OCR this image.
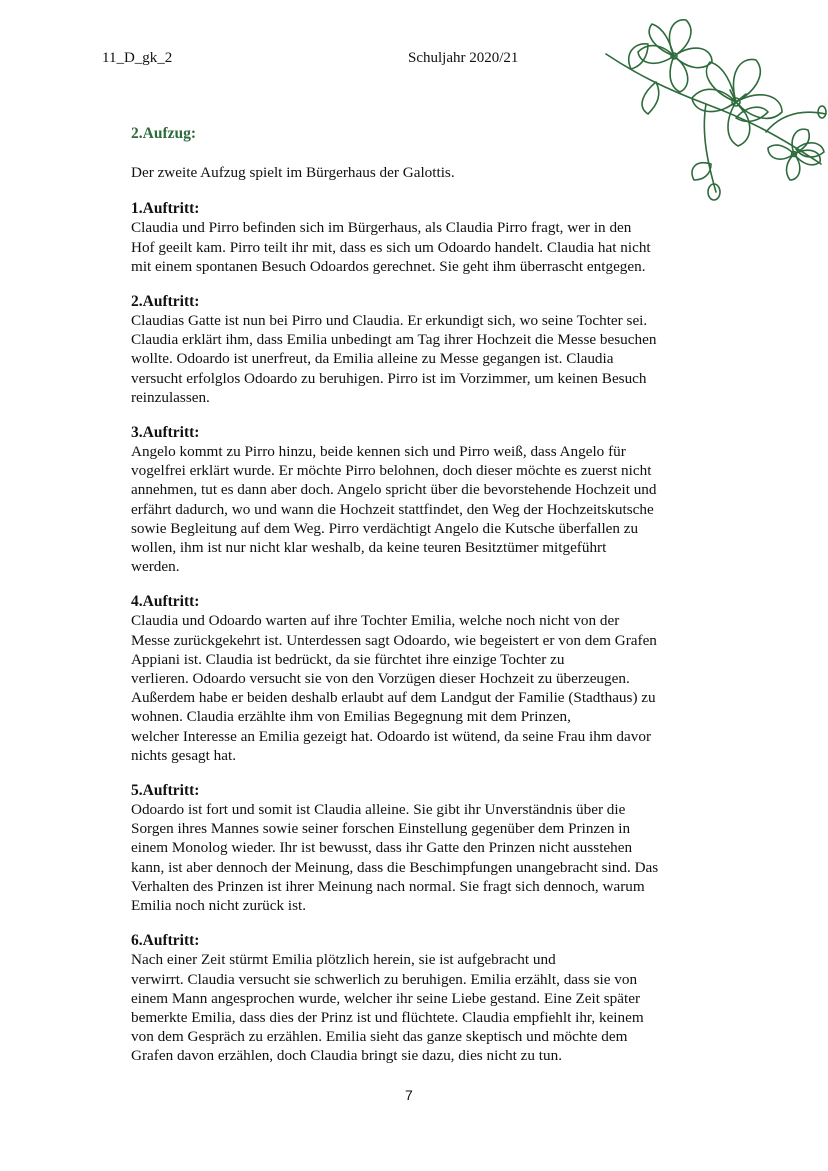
11_D_gk_2	Schuljahr 2020/21
2.Aufzug:

Der zweite Aufzug spielt im Bürgerhaus der Galottis.

1.Auftritt:

Claudia und Pirro befinden sich im Bürgerhaus, als Claudia Pirro fragt, wer in den
Hof geeilt kam. Pirro teilt ihr mit, dass es sich um Odoardo handelt. Claudia hat nicht
mit einem spontanen Besuch Odoardos gerechnet. Sie geht ihm überrascht entgegen.

2.Auftritt:

Claudias Gatte ist nun bei Pirro und Claudia. Er erkundigt sich, wo seine Tochter sei.
Claudia erklärt ihm, dass Emilia unbedingt am Tag ihrer Hochzeit die Messe besuchen
wollte. Odoardo ist unerfreut, da Emilia alleine zu Messe gegangen ist. Claudia
versucht erfolglos Odoardo zu beruhigen. Pirro ist im Vorzimmer, um keinen Besuch
reinzulassen.

3.Auftritt:

Angelo kommt zu Pirro hinzu, beide kennen sich und Pirro weiß, dass Angelo für
vogelfrei erklärt wurde. Er möchte Pirro belohnen, doch dieser möchte es zuerst nicht
annehmen, tut es dann aber doch. Angelo spricht über die bevorstehende Hochzeit und
erfährt dadurch, wo und wann die Hochzeit stattfindet, den Weg der Hochzeitskutsche
sowie Begleitung auf dem Weg. Pirro verdächtigt Angelo die Kutsche überfallen zu
wollen, ihm ist nur nicht klar weshalb, da keine teuren Besitztümer mitgeführt
werden.

4.Auftritt:

Claudia und Odoardo warten auf ihre Tochter Emilia, welche noch nicht von der
Messe zurückgekehrt ist. Unterdessen sagt Odoardo, wie begeistert er von dem Grafen
Appiani ist. Claudia ist bedrückt, da sie fürchtet ihre einzige Tochter zu
verlieren. Odoardo versucht sie von den Vorzügen dieser Hochzeit zu überzeugen.
Außerdem habe er beiden deshalb erlaubt auf dem Landgut der Familie (Stadthaus) zu
wohnen. Claudia erzählte ihm von Emilias Begegnung mit dem Prinzen,
welcher Interesse an Emilia gezeigt hat. Odoardo ist wütend, da seine Frau ihm davor
nichts gesagt hat.

5.Auftritt:

Odoardo ist fort und somit ist Claudia alleine. Sie gibt ihr Unverständnis über die
Sorgen ihres Mannes sowie seiner forschen Einstellung gegenüber dem Prinzen in
einem Monolog wieder. Ihr ist bewusst, dass ihr Gatte den Prinzen nicht ausstehen
kann, ist aber dennoch der Meinung, dass die Beschimpfungen unangebracht sind. Das
Verhalten des Prinzen ist ihrer Meinung nach normal. Sie fragt sich dennoch, warum
Emilia noch nicht zurück ist.

6.Auftritt:

Nach einer Zeit stürmt Emilia plötzlich herein, sie ist aufgebracht und
verwirrt. Claudia versucht sie schwerlich zu beruhigen. Emilia erzählt, dass sie von
einem Mann angesprochen wurde, welcher ihr seine Liebe gestand. Eine Zeit später
bemerkte Emilia, dass dies der Prinz ist und flüchtete. Claudia empfiehlt ihr, keinem
von dem Gespräch zu erzählen. Emilia sieht das ganze skeptisch und möchte dem
Grafen davon erzählen, doch Claudia bringt sie dazu, dies nicht zu tun.

7
